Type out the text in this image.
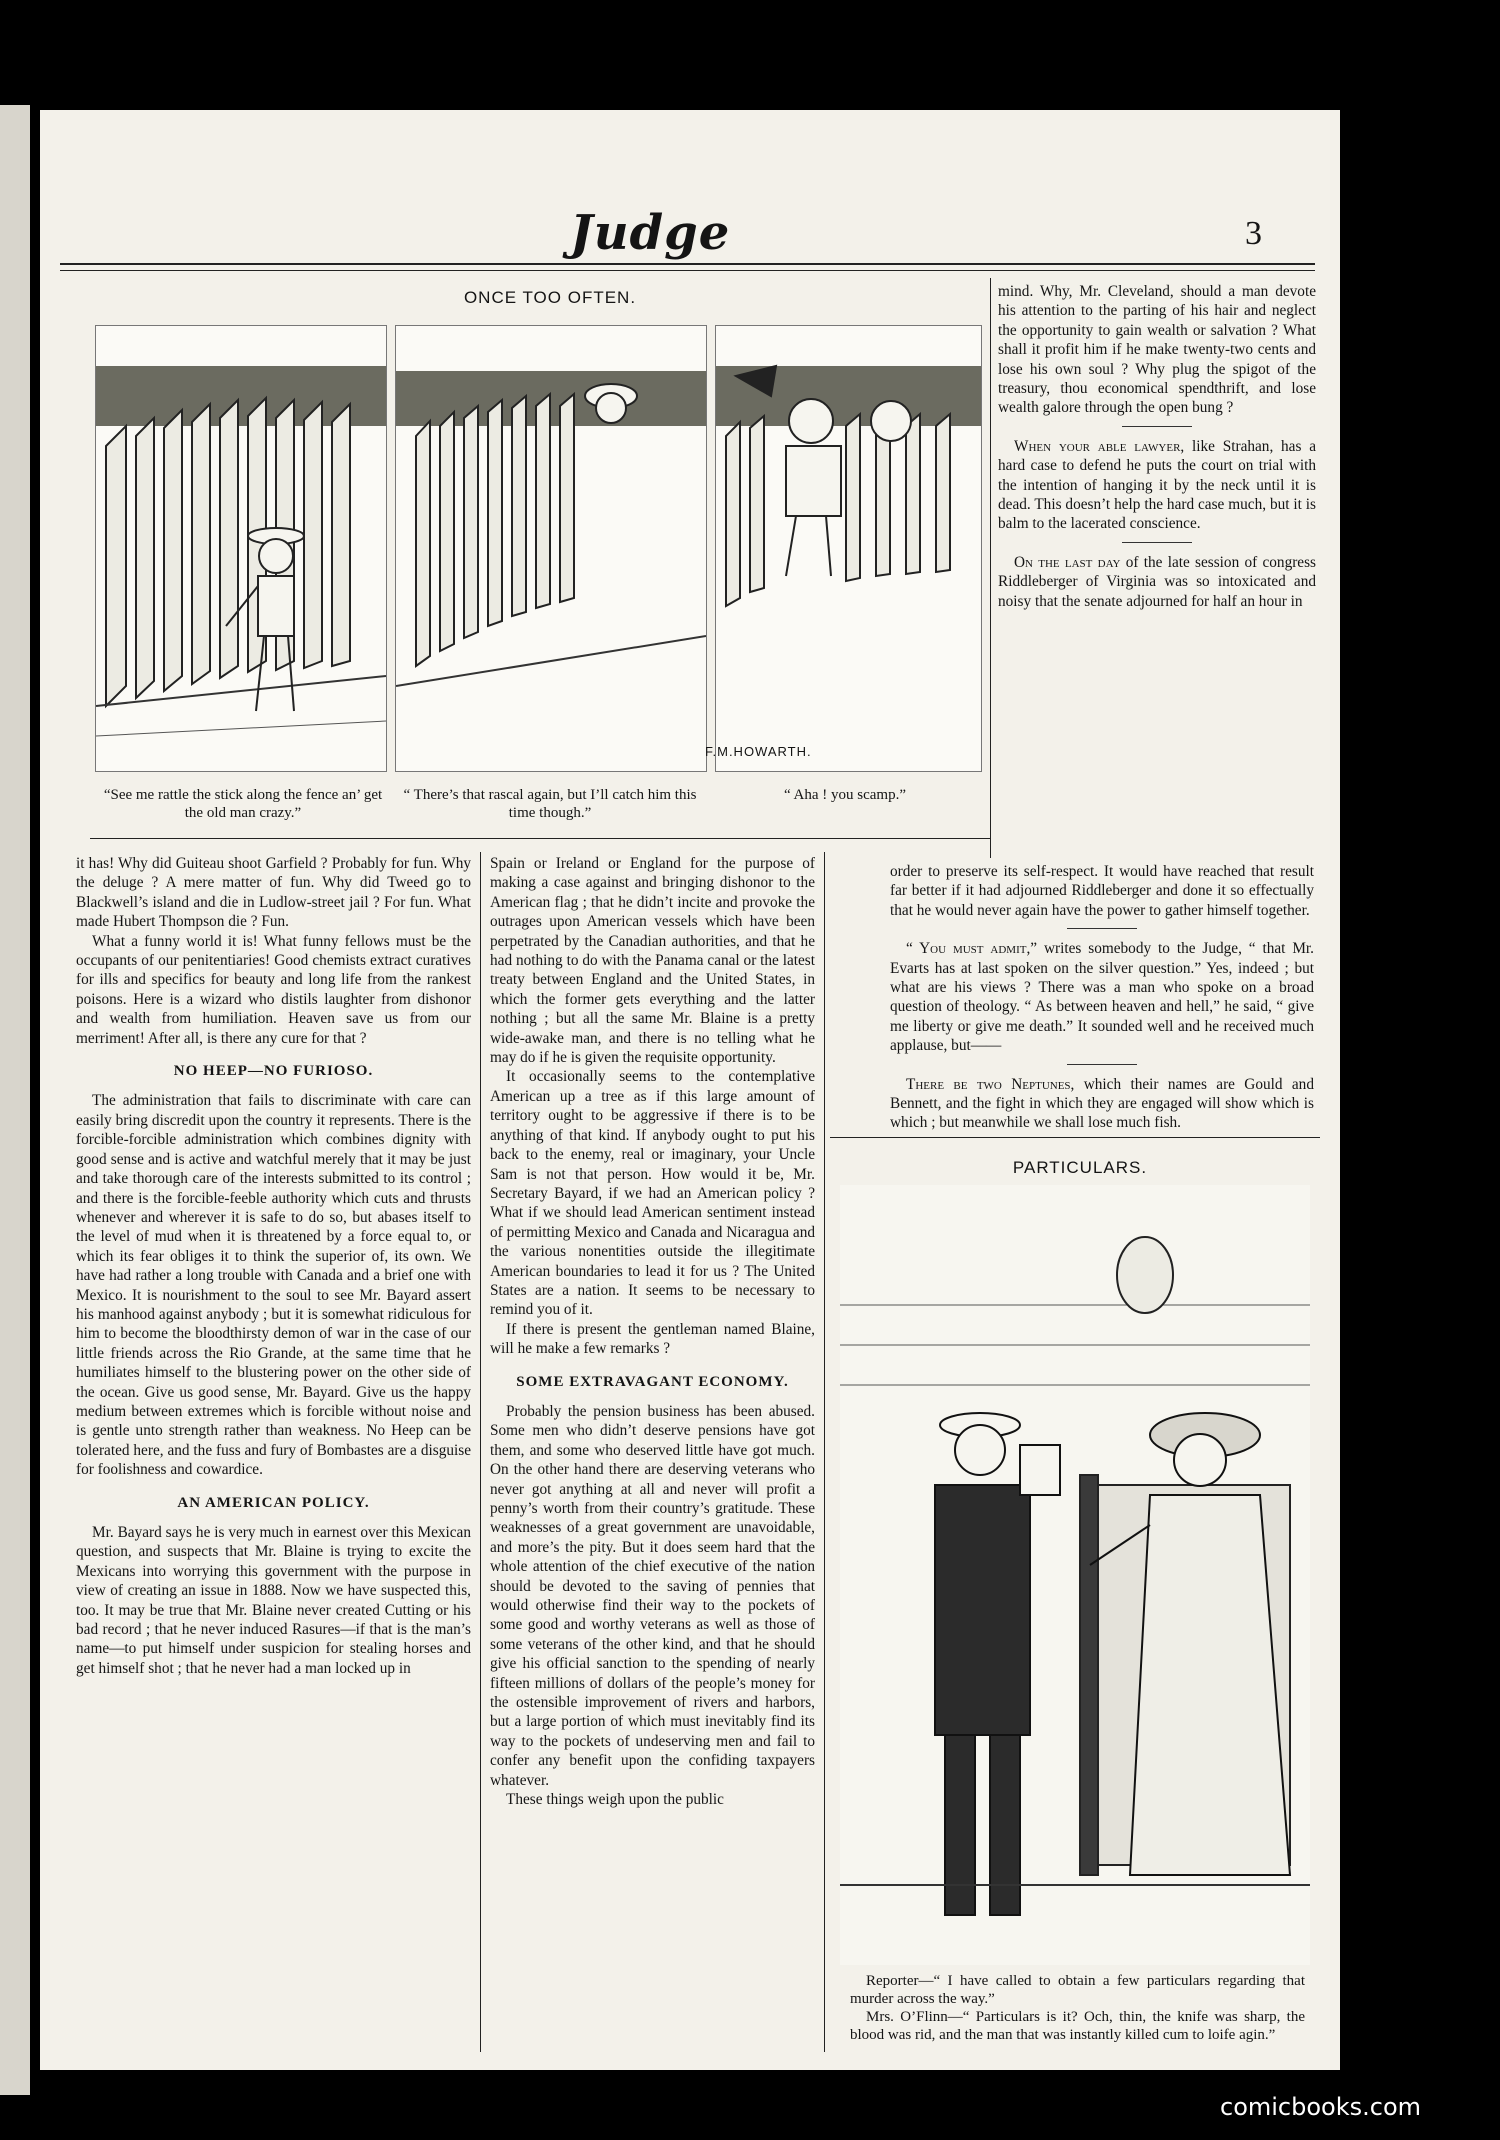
Judge	3
ONCE TOO OFTEN.
F.M.HOWARTH.
“See me rattle the stick along the fence an’ get the old man crazy.”
“ There’s that rascal again, but I’ll catch him this time though.”
“ Aha ! you scamp.”

it has! Why did Guiteau shoot Garfield ? Probably for fun. Why the deluge ? A mere matter of fun. Why did Tweed go to Blackwell’s island and die in Ludlow-street jail ? For fun. What made Hubert Thompson die ? Fun.

What a funny world it is! What funny fellows must be the occupants of our penitentiaries! Good chemists extract curatives for ills and specifics for beauty and long life from the rankest poisons. Here is a wizard who distils laughter from dishonor and wealth from humiliation. Heaven save us from our merriment! After all, is there any cure for that ?

NO HEEP—NO FURIOSO.

The administration that fails to discriminate with care can easily bring discredit upon the country it represents. There is the forcible-forcible administration which combines dignity with good sense and is active and watchful merely that it may be just and take thorough care of the interests submitted to its control ; and there is the forcible-feeble authority which cuts and thrusts whenever and wherever it is safe to do so, but abases itself to the level of mud when it is threatened by a force equal to, or which its fear obliges it to think the superior of, its own. We have had rather a long trouble with Canada and a brief one with Mexico. It is nourishment to the soul to see Mr. Bayard assert his manhood against anybody ; but it is somewhat ridiculous for him to become the bloodthirsty demon of war in the case of our little friends across the Rio Grande, at the same time that he humiliates himself to the blustering power on the other side of the ocean. Give us good sense, Mr. Bayard. Give us the happy medium between extremes which is forcible without noise and is gentle unto strength rather than weakness. No Heep can be tolerated here, and the fuss and fury of Bombastes are a disguise for foolishness and cowardice.

AN AMERICAN POLICY.

Mr. Bayard says he is very much in earnest over this Mexican question, and suspects that Mr. Blaine is trying to excite the Mexicans into worrying this government with the purpose in view of creating an issue in 1888. Now we have suspected this, too. It may be true that Mr. Blaine never created Cutting or his bad record ; that he never induced Rasures—if that is the man’s name—to put himself under suspicion for stealing horses and get himself shot ; that he never had a man locked up in

Spain or Ireland or England for the purpose of making a case against and bringing dishonor to the American flag ; that he didn’t incite and provoke the outrages upon American vessels which have been perpetrated by the Canadian authorities, and that he had nothing to do with the Panama canal or the latest treaty between England and the United States, in which the former gets everything and the latter nothing ; but all the same Mr. Blaine is a pretty wide-awake man, and there is no telling what he may do if he is given the requisite opportunity.

It occasionally seems to the contemplative American up a tree as if this large amount of territory ought to be aggressive if there is to be anything of that kind. If anybody ought to put his back to the enemy, real or imaginary, your Uncle Sam is not that person. How would it be, Mr. Secretary Bayard, if we had an American policy ? What if we should lead American sentiment instead of permitting Mexico and Canada and Nicaragua and the various nonentities outside the illegitimate American boundaries to lead it for us ? The United States are a nation. It seems to be necessary to remind you of it.

If there is present the gentleman named Blaine, will he make a few remarks ?

SOME EXTRAVAGANT ECONOMY.

Probably the pension business has been abused. Some men who didn’t deserve pensions have got them, and some who deserved little have got much. On the other hand there are deserving veterans who never got anything at all and never will profit a penny’s worth from their country’s gratitude. These weaknesses of a great government are unavoidable, and more’s the pity. But it does seem hard that the whole attention of the chief executive of the nation should be devoted to the saving of pennies that would otherwise find their way to the pockets of some good and worthy veterans as well as those of some veterans of the other kind, and that he should give his official sanction to the spending of nearly fifteen millions of dollars of the people’s money for the ostensible improvement of rivers and harbors, but a large portion of which must inevitably find its way to the pockets of undeserving men and fail to confer any benefit upon the confiding taxpayers whatever.

These things weigh upon the public

mind. Why, Mr. Cleveland, should a man devote his attention to the parting of his hair and neglect the opportunity to gain wealth or salvation ? What shall it profit him if he make twenty-two cents and lose his own soul ? Why plug the spigot of the treasury, thou economical spendthrift, and lose wealth galore through the open bung ?

When your able lawyer, like Strahan, has a hard case to defend he puts the court on trial with the intention of hanging it by the neck until it is dead. This doesn’t help the hard case much, but it is balm to the lacerated conscience.

On the last day of the late session of congress Riddleberger of Virginia was so intoxicated and noisy that the senate adjourned for half an hour in

order to preserve its self-respect. It would have reached that result far better if it had adjourned Riddleberger and done it so effectually that he would never again have the power to gather himself together.

“ You must admit,” writes somebody to the Judge, “ that Mr. Evarts has at last spoken on the silver question.” Yes, indeed ; but what are his views ? There was a man who spoke on a broad question of theology. “ As between heaven and hell,” he said, “ give me liberty or give me death.” It sounded well and he received much applause, but——

There be two Neptunes, which their names are Gould and Bennett, and the fight in which they are engaged will show which is which ; but meanwhile we shall lose much fish.

PARTICULARS.

Reporter—“ I have called to obtain a few particulars regarding that murder across the way.”

Mrs. O’Flinn—“ Particulars is it? Och, thin, the knife was sharp, the blood was rid, and the man that was instantly killed cum to loife agin.”

comicbooks.com
